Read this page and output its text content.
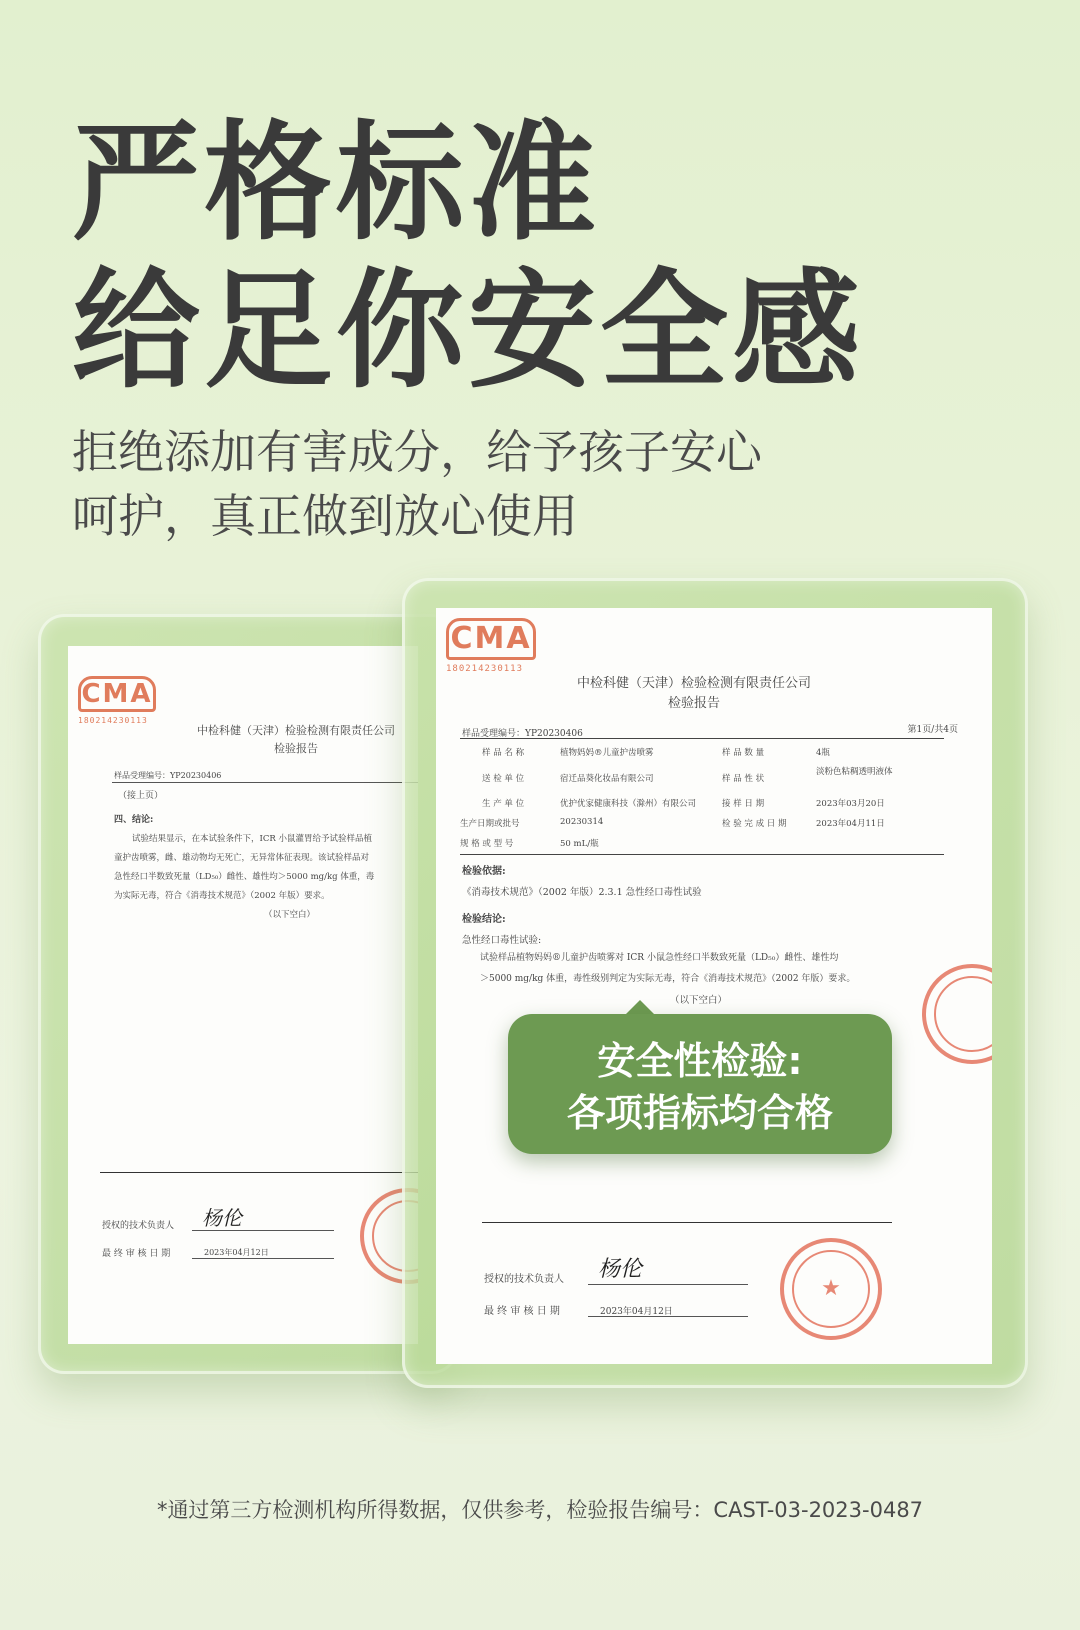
严格标准
给足你安全感
拒绝添加有害成分，给予孩子安心
呵护，真正做到放心使用
CMA
180214230113
中检科健（天津）检验检测有限责任公司
检验报告
样品受理编号：YP20230406
（接上页）
四、结论:
试验结果显示，在本试验条件下，ICR 小鼠灌胃给予试验样品植
童护齿喷雾，雌、雄动物均无死亡，无异常体征表现。该试验样品对
急性经口半数致死量（LD₅₀）雌性、雄性均＞5000 mg/kg 体重，毒
为实际无毒，符合《消毒技术规范》（2002 年版）要求。
（以下空白）
授权的技术负责人 杨伦
最 终 审 核 日 期	2023年04月12日
CMA
180214230113
中检科健（天津）检验检测有限责任公司
检验报告
样品受理编号：YP20230406	第1页/共4页
样 品 名 称	植物妈妈®儿童护齿喷雾	样 品 数 量	4瓶
送 检 单 位	宿迁品葵化妆品有限公司	样 品 性 状
淡粉色粘稠透明液体
生 产 单 位	优护优家健康科技（滁州）有限公司	接 样 日 期	2023年03月20日
生产日期或批号	20230314	检 验 完 成 日 期	2023年04月11日
规 格 或 型 号	50 mL/瓶
检验依据:
《消毒技术规范》（2002 年版）2.3.1 急性经口毒性试验
检验结论:
急性经口毒性试验:
试验样品植物妈妈®儿童护齿喷雾对 ICR 小鼠急性经口半数致死量（LD₅₀）雌性、雄性均
＞5000 mg/kg 体重，毒性级别判定为实际无毒，符合《消毒技术规范》（2002 年版）要求。
（以下空白）
授权的技术负责人 杨伦
最 终 审 核 日 期	2023年04月12日
★
安全性检验:
各项指标均合格
*通过第三方检测机构所得数据，仅供参考，检验报告编号：CAST-03-2023-0487
